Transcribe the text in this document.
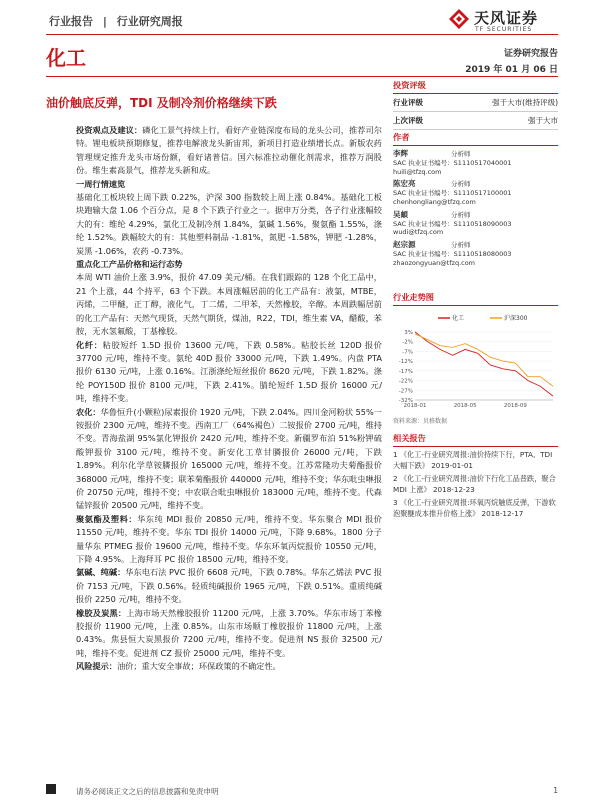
行业报告 | 行业研究周报	天风证券
TF SECURITIES
化工	证券研究报告
2019 年 01 月 06 日
油价触底反弹，TDI 及制冷剂价格继续下跌

投资观点及建议：磷化工景气持续上行，看好产业链深度布局的龙头公司，推荐司尔特。锂电板块预期修复，推荐电解液龙头新宙邦，新项目打造业绩增长点。新版农药管理规定推升龙头市场份额，看好诸普信。国六标准拉动催化剂需求，推荐万润股份。维生素高景气，推荐龙头新和成。

一周行情速览

基础化工板块较上周下跌 0.22%，沪深 300 指数较上周上涨 0.84%。基础化工板块跑输大盘 1.06 个百分点，是 8 个下跌子行业之一。据申万分类，各子行业涨幅较大的有：维纶 4.29%，氯化工及制冷剂 1.84%，氯碱 1.56%，聚氨酯 1.55%，涤纶 1.52%。跌幅较大的有：其他塑料制品 -1.81%，氮肥 -1.58%，钾肥 -1.28%，炭黑 -1.06%，农药 -0.73%。

重点化工产品价格和运行态势

本周 WTI 油价上涨 3.9%，报价 47.09 美元/桶。在我们跟踪的 128 个化工品中，21 个上涨，44 个持平，63 个下跌。本周涨幅居前的化工产品有：液氯，MTBE，丙烯，二甲醚，正丁醇，液化气，丁二烯，二甲苯，天然橡胶，辛醇。本周跌幅居前的化工产品有：天然气现货，天然气期货，煤油，R22，TDI，维生素 VA，醋酸，苯胺，无水氢氟酸，丁基橡胶。

化纤：粘胶短纤 1.5D 报价 13600 元/吨，下跌 0.58%。粘胶长丝 120D 报价 37700 元/吨，维持不变。氨纶 40D 报价 33000 元/吨，下跌 1.49%。内盘 PTA 报价 6130 元/吨，上涨 0.16%。江浙涤纶短丝报价 8620 元/吨，下跌 1.82%。涤纶 POY150D 报价 8100 元/吨，下跌 2.41%。腈纶短纤 1.5D 报价 16000 元/吨，维持不变。

农化：华鲁恒升(小颗粒)尿素报价 1920 元/吨，下跌 2.04%。四川金河粉状 55%一铵报价 2300 元/吨，维持不变。西南工厂（64%褐色）二铵报价 2700 元/吨，维持不变。青海盐湖 95%氯化钾报价 2420 元/吨，维持不变。新疆罗布泊 51%粉钾硫酸钾报价 3100 元/吨，维持不变。新安化工草甘膦报价 26000 元/吨，下跌 1.89%。利尔化学草铵膦报价 165000 元/吨，维持不变。江苏常隆功夫菊酯报价 368000 元/吨，维持不变；联苯菊酯报价 440000 元/吨，维持不变；华东吡虫啉报价 20750 元/吨，维持不变；中农联合吡虫啉报价 183000 元/吨，维持不变。代森锰锌报价 20500 元/吨，维持不变。

聚氨酯及塑料：华东纯 MDI 报价 20850 元/吨，维持不变。华东聚合 MDI 报价 11550 元/吨，维持不变。华东 TDI 报价 14000 元/吨，下降 9.68%。1800 分子量华东 PTMEG 报价 19600 元/吨，维持不变。华东环氧丙烷报价 10550 元/吨，下降 4.95%。上海拜耳 PC 报价 18500 元/吨，维持不变。

氯碱、纯碱：华东电石法 PVC 报价 6608 元/吨，下跌 0.78%。华东乙烯法 PVC 报价 7153 元/吨，下跌 0.56%。轻质纯碱报价 1965 元/吨，下跌 0.51%。重质纯碱报价 2250 元/吨，维持不变。

橡胶及炭黑：上海市场天然橡胶报价 11200 元/吨，上涨 3.70%。华东市场丁苯橡胶报价 11900 元/吨，上涨 0.85%。山东市场顺丁橡胶报价 11800 元/吨，上涨 0.43%。焦县恒大炭黑报价 7200 元/吨，维持不变。促进剂 NS 报价 32500 元/吨，维持不变。促进剂 CZ 报价 25000 元/吨，维持不变。

风险提示：油价；重大安全事故；环保政策的不确定性。

投资评级
行业评级	强于大市(维持评级)
上次评级	强于大市
作者
李辉	分析师
SAC 执业证书编号：S1110517040001
huili@tfzq.com
陈宏亮	分析师
SAC 执业证书编号：S1110517100001
chenhongliang@tfzq.com
吴頔	分析师
SAC 执业证书编号：S1110518090003
wudi@tfzq.com
赵宗源	分析师
SAC 执业证书编号：S1110518080003
zhaozongyuan@tfzq.com
行业走势图
3%
-2%
-7%
-12%
-17%
-22%
-27%
-32%
2018-01	2018-05	2018-09
化工	沪深300
资料来源：贝格数据
相关报告

1 《化工-行业研究周报:油价持续下行，PTA、TDI 大幅下跌》 2019-01-01

2 《化工-行业研究周报:油价下行化工品普跌，聚合 MDI 上涨》 2018-12-23

3 《化工-行业研究周报:环氧丙烷触底反弹，下游软泡聚醚成本推升价格上涨》 2018-12-17

请务必阅读正文之后的信息披露和免责申明	1
